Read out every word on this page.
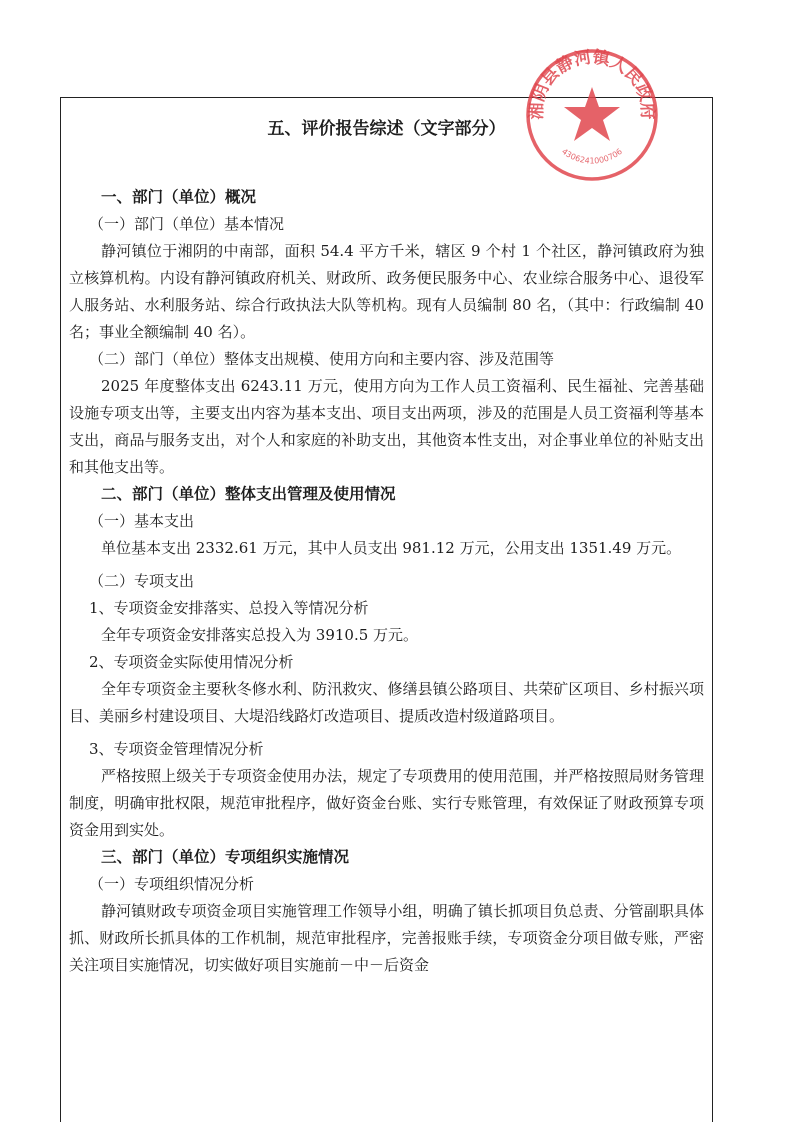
五、评价报告综述（文字部分）
一、部门（单位）概况
（一）部门（单位）基本情况

静河镇位于湘阴的中南部，面积 54.4 平方千米，辖区 9 个村 1 个社区，静河镇政府为独立核算机构。内设有静河镇政府机关、财政所、政务便民服务中心、农业综合服务中心、退役军人服务站、水利服务站、综合行政执法大队等机构。现有人员编制 80 名，（其中：行政编制 40 名；事业全额编制 40 名）。

（二）部门（单位）整体支出规模、使用方向和主要内容、涉及范围等

2025 年度整体支出 6243.11 万元，使用方向为工作人员工资福利、民生福祉、完善基础设施专项支出等，主要支出内容为基本支出、项目支出两项，涉及的范围是人员工资福利等基本支出，商品与服务支出，对个人和家庭的补助支出，其他资本性支出，对企事业单位的补贴支出和其他支出等。

二、部门（单位）整体支出管理及使用情况
（一）基本支出

单位基本支出 2332.61 万元，其中人员支出 981.12 万元，公用支出 1351.49 万元。

（二）专项支出
1、专项资金安排落实、总投入等情况分析

全年专项资金安排落实总投入为 3910.5 万元。

2、专项资金实际使用情况分析

全年专项资金主要秋冬修水利、防汛救灾、修缮县镇公路项目、共荣矿区项目、乡村振兴项目、美丽乡村建设项目、大堤沿线路灯改造项目、提质改造村级道路项目。

3、专项资金管理情况分析

严格按照上级关于专项资金使用办法，规定了专项费用的使用范围，并严格按照局财务管理制度，明确审批权限，规范审批程序，做好资金台账、实行专账管理，有效保证了财政预算专项资金用到实处。

三、部门（单位）专项组织实施情况
（一）专项组织情况分析

静河镇财政专项资金项目实施管理工作领导小组，明确了镇长抓项目负总责、分管副职具体抓、财政所长抓具体的工作机制，规范审批程序，完善报账手续，专项资金分项目做专账，严密关注项目实施情况，切实做好项目实施前－中－后资金

湘阴县静河镇人民政府
4306241000706
